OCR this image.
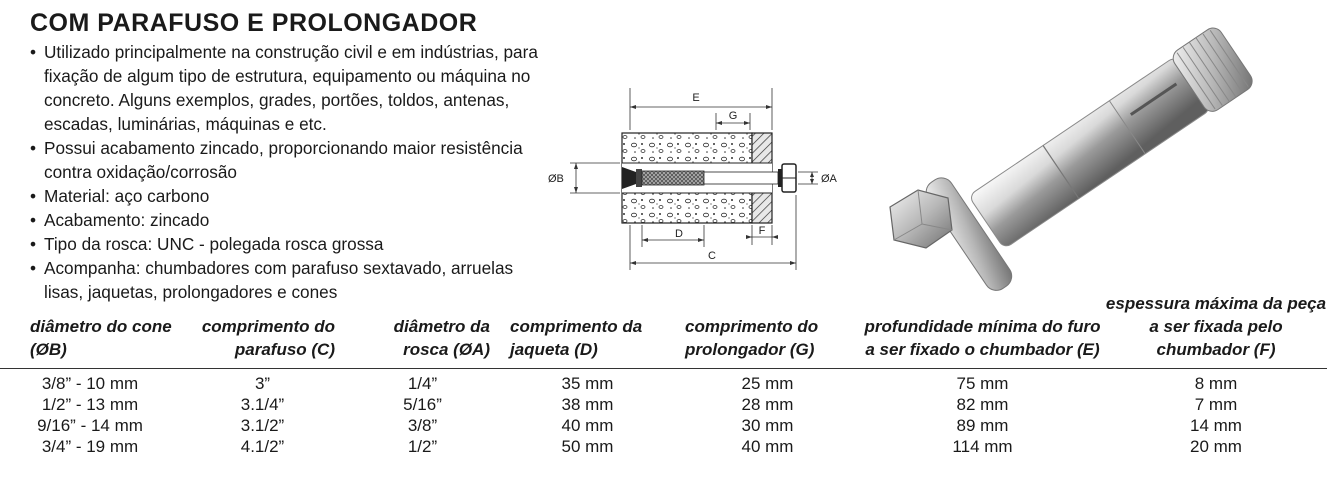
COM PARAFUSO E PROLONGADOR
• Utilizado principalmente na construção civil e em indústrias, para fixação de algum tipo de estrutura, equipamento ou máquina no concreto. Alguns exemplos, grades, portões, toldos, antenas, escadas, luminárias, máquinas e etc.
• Possui acabamento zincado, proporcionando maior resistência contra oxidação/corrosão
• Material: aço carbono
• Acabamento: zincado
• Tipo da rosca: UNC - polegada rosca grossa
• Acompanha: chumbadores com parafuso sextavado, arruelas lisas, jaquetas, prolongadores e cones
E
G
ØB	ØA
D
C
F
diâmetro do cone (ØB)	comprimento do parafuso (C)	diâmetro da rosca (ØA)	comprimento da jaqueta (D)	comprimento do prolongador (G)	profundidade mínima do furo a ser fixado o chumbador (E)	espessura máxima da peça a ser fixada pelo chumbador (F)
3/8” - 10 mm	3”	1/4”	35 mm	25 mm	75 mm	8 mm
1/2” - 13 mm	3.1/4”	5/16”	38 mm	28 mm	82 mm	7 mm
9/16” - 14 mm	3.1/2”	3/8”	40 mm	30 mm	89 mm	14 mm
3/4” - 19 mm	4.1/2”	1/2”	50 mm	40 mm	114 mm	20 mm
